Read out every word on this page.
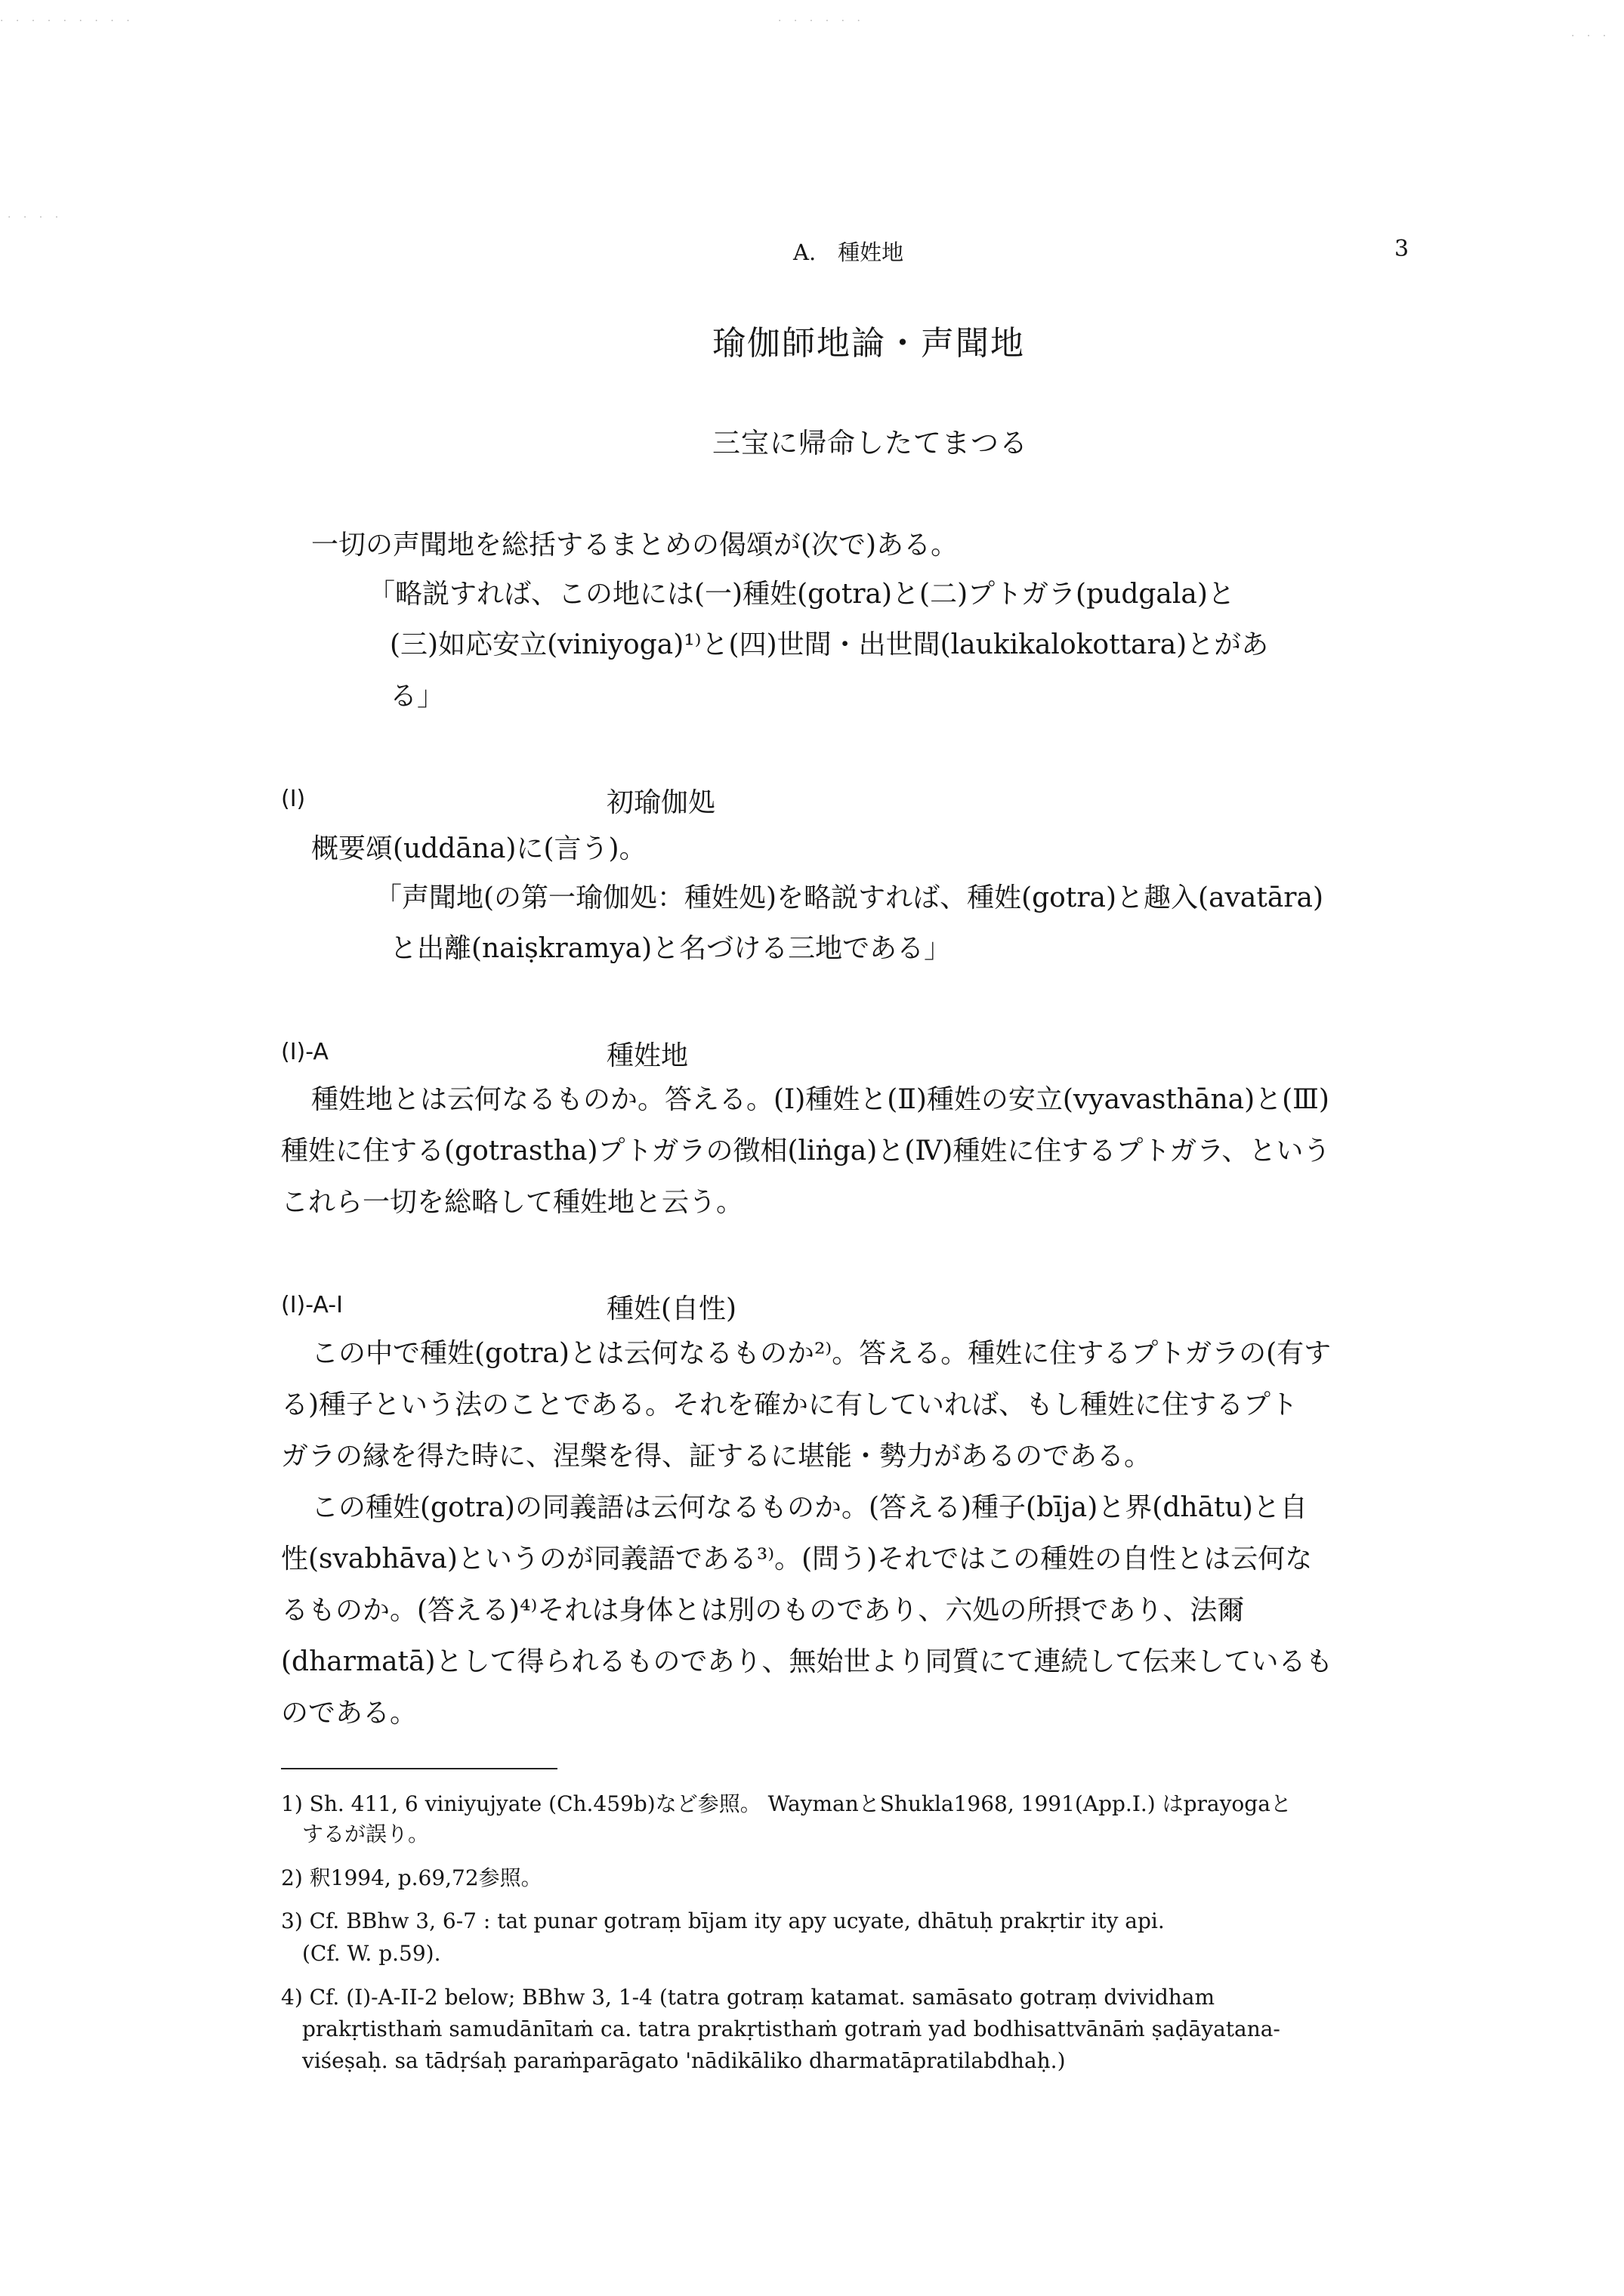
· · · · · · · · ·	· · · · · ·
· · · ·
· · ·
A.　種姓地	3
瑜伽師地論・声聞地
三宝に帰命したてまつる
一切の声聞地を総括するまとめの偈頌が(次で)ある。
「略説すれば、この地には(一)種姓(gotra)と(二)プトガラ(pudgala)と
(三)如応安立(viniyoga)¹⁾と(四)世間・出世間(laukikalokottara)とがあ
る」
(I)	初瑜伽処
概要頌(uddāna)に(言う)。
「声聞地(の第一瑜伽処：種姓処)を略説すれば、種姓(gotra)と趣入(avatāra)
と出離(naiṣkramya)と名づける三地である」
(I)-A	種姓地
種姓地とは云何なるものか。答える。(Ⅰ)種姓と(Ⅱ)種姓の安立(vyavasthāna)と(Ⅲ)
種姓に住する(gotrastha)プトガラの徴相(liṅga)と(Ⅳ)種姓に住するプトガラ、という
これら一切を総略して種姓地と云う。
(I)-A-I	種姓(自性)
この中で種姓(gotra)とは云何なるものか²⁾。答える。種姓に住するプトガラの(有す
る)種子という法のことである。それを確かに有していれば、もし種姓に住するプト
ガラの縁を得た時に、涅槃を得、証するに堪能・勢力があるのである。
この種姓(gotra)の同義語は云何なるものか。(答える)種子(bīja)と界(dhātu)と自
性(svabhāva)というのが同義語である³⁾。(問う)それではこの種姓の自性とは云何な
るものか。(答える)⁴⁾それは身体とは別のものであり、六処の所摂であり、法爾
(dharmatā)として得られるものであり、無始世より同質にて連続して伝来しているも
のである。
1) Sh. 411, 6 viniyujyate (Ch.459b)など参照。 WaymanとShukla1968, 1991(App.I.) はprayogaと
　するが誤り。
2) 釈1994, p.69,72参照。
3) Cf. BBhw 3, 6-7 : tat punar gotraṃ bījam ity apy ucyate, dhātuḥ prakṛtir ity api.
　(Cf. W. p.59).
4) Cf. (I)-A-II-2 below; BBhw 3, 1-4 (tatra gotraṃ katamat. samāsato gotraṃ dvividham
　prakṛtisthaṁ samudānītaṁ ca. tatra prakṛtisthaṁ gotraṁ yad bodhisattvānāṁ ṣaḍāyatana-
　viśeṣaḥ. sa tādṛśaḥ paraṁparāgato 'nādikāliko dharmatāpratilabdhaḥ.)
